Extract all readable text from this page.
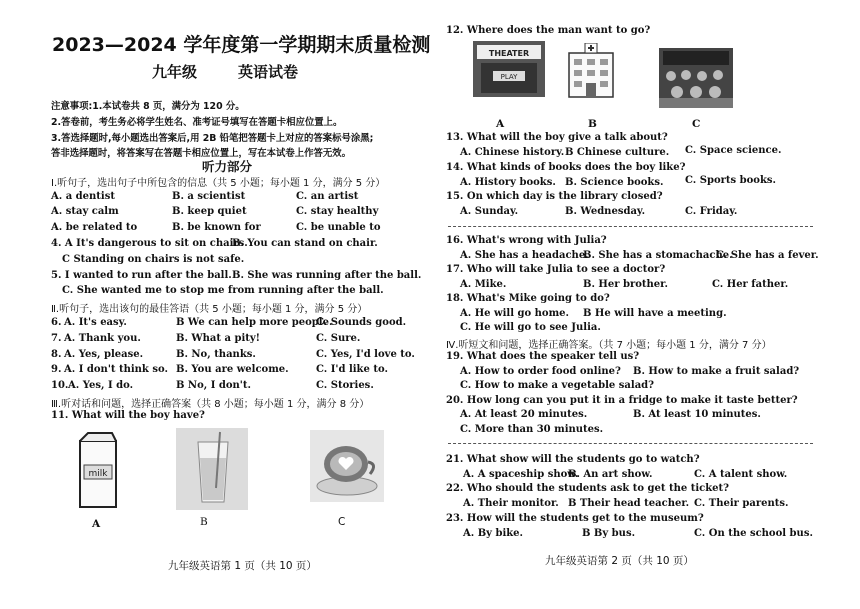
2023—2024 学年度第一学期期末质量检测
九年级	英语试卷
注意事项:1.本试卷共 8 页，满分为 120 分。
2.答卷前，考生务必将学生姓名、准考证号填写在答题卡相应位置上。
3.答选择题时,每小题选出答案后,用 2B 铅笔把答题卡上对应的答案标号涂黑;
答非选择题时，将答案写在答题卡相应位置上，写在本试卷上作答无效。
听力部分
Ⅰ.听句子，选出句子中所包含的信息（共 5 小题；每小题 1 分，满分 5 分）
A. a dentist	B. a scientist	C. an artist
A. stay calm	B. keep quiet	C. stay healthy
A. be related to	B. be known for	C. be unable to
4. A It's dangerous to sit on chairs.
B. You can stand on chair.
C Standing on chairs is not safe.
5. I wanted to run after the ball. B. She was running after the ball.
C. She wanted me to stop me from running after the ball.
Ⅱ.听句子，选出该句的最佳答语（共 5 小题；每小题 1 分，满分 5 分）
6. A. It's easy.	B We can help more people.
C. Sounds good.
7. A. Thank you.	B. What a pity!	C. Sure.
8. A. Yes, please.	B. No, thanks.	C. Yes, I'd love to.
9. A. I don't think so. B. You are welcome.	C. I'd like to.
10. A. Yes, I do.	B No, I don't.	C. Stories.
Ⅲ.听对话和问题，选择正确答案（共 8 小题；每小题 1 分，满分 8 分）
11. What will the boy have?
milk
A	B	C
九年级英语第 1 页（共 10 页）
12. Where does the man want to go?
THEATER
PLAY
A	B	C
13. What will the boy give a talk about?
A. Chinese history. B Chinese culture. C. Space science.
14. What kinds of books does the boy like?
A. History books. B. Science books. C. Sports books.
15. On which day is the library closed?
A. Sunday.	B. Wednesday.	C. Friday.
16. What's wrong with Julia?
A. She has a headache.
B. She has a stomachache.
C. She has a fever.
17. Who will take Julia to see a doctor?
A. Mike.	B. Her brother.	C. Her father.
18. What's Mike going to do?
A. He will go home. B He will have a meeting.
C. He will go to see Julia.
Ⅳ.听短文和问题，选择正确答案。（共 7 小题；每小题 1 分，满分 7 分）
19. What does the speaker tell us?
A. How to order food online? B. How to make a fruit salad?
C. How to make a vegetable salad?
20. How long can you put it in a fridge to make it taste better?
A. At least 20 minutes.	B. At least 10 minutes.
C. More than 30 minutes.
21. What show will the students go to watch?
A. A spaceship show.
B. An art show.	C. A talent show.
22. Who should the students ask to get the ticket?
A. Their monitor. B Their head teacher. C. Their parents.
23. How will the students get to the museum?
A. By bike.	B By bus.	C. On the school bus.
九年级英语第 2 页（共 10 页）
